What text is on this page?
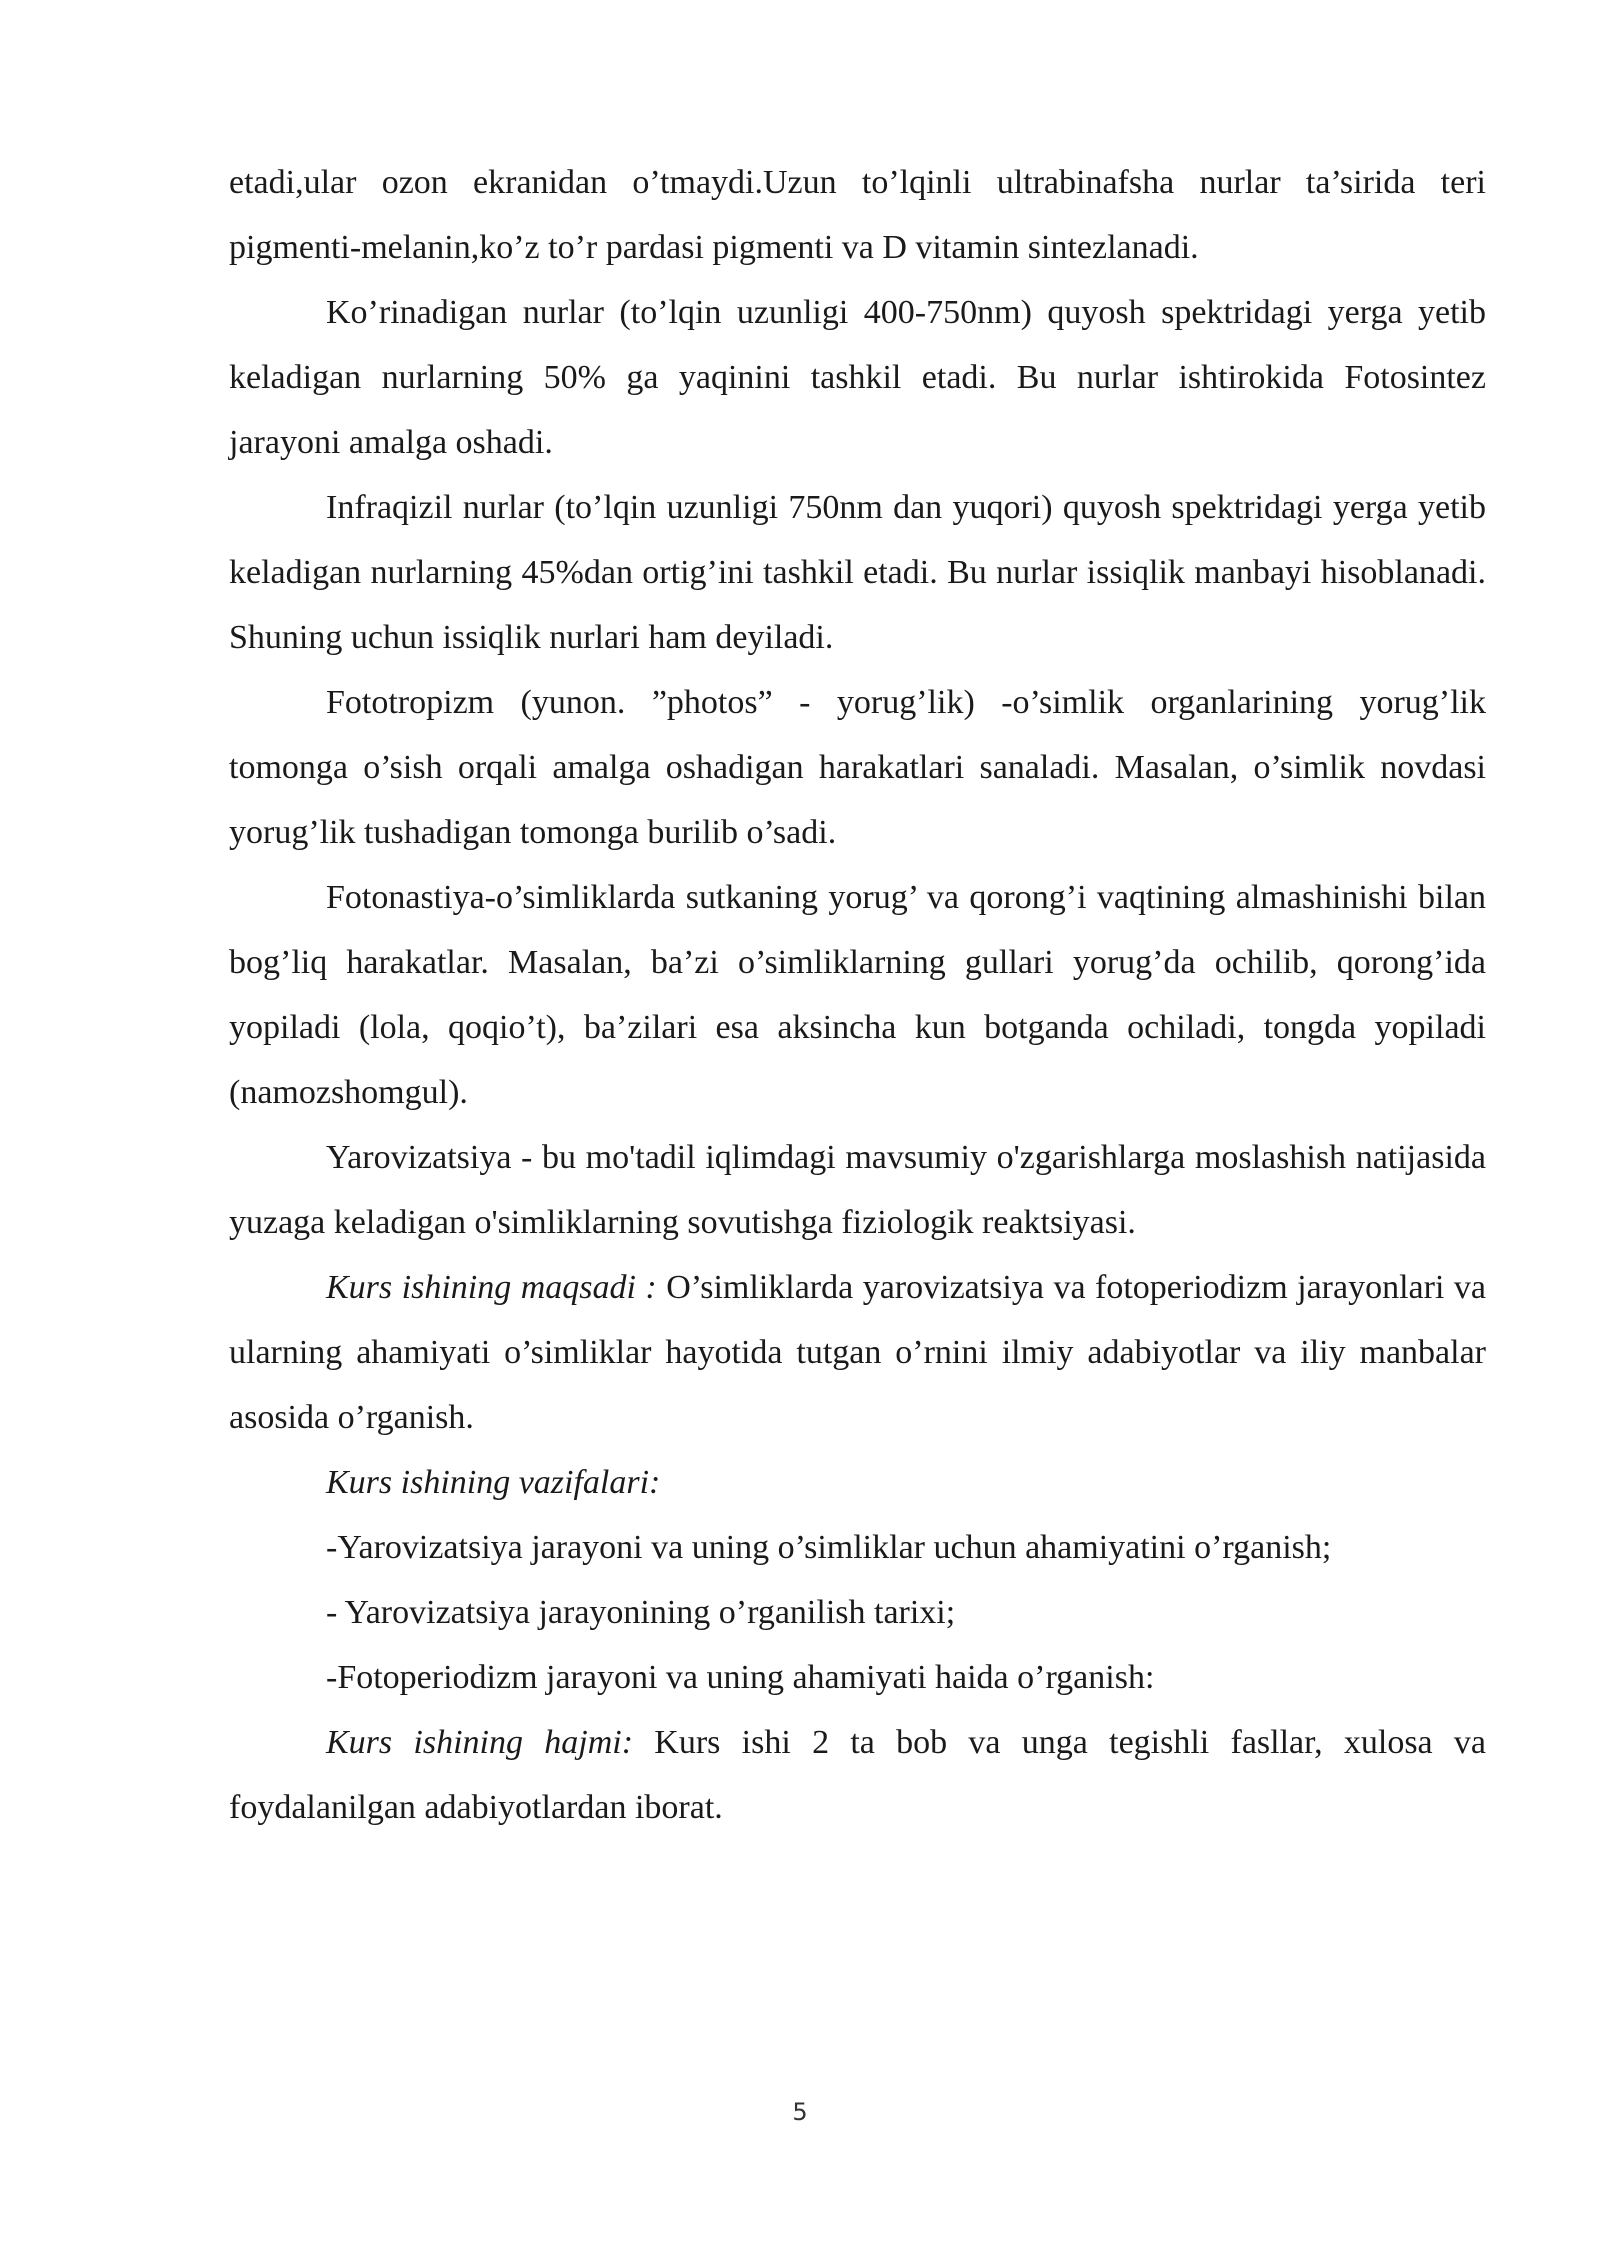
etadi,ular ozon ekranidan o’tmaydi.Uzun to’lqinli ultrabinafsha nurlar ta’sirida teri pigmenti-melanin,ko’z to’r pardasi pigmenti va D vitamin sintezlanadi.

Ko’rinadigan nurlar (to’lqin uzunligi 400-750nm) quyosh spektridagi yerga yetib keladigan nurlarning 50% ga yaqinini tashkil etadi. Bu nurlar ishtirokida Fotosintez jarayoni amalga oshadi.

Infraqizil nurlar (to’lqin uzunligi 750nm dan yuqori) quyosh spektridagi yerga yetib keladigan nurlarning 45%dan ortig’ini tashkil etadi. Bu nurlar issiqlik manbayi hisoblanadi. Shuning uchun issiqlik nurlari ham deyiladi.

Fototropizm (yunon. ”photos” - yorug’lik) -o’simlik organlarining yorug’lik tomonga o’sish orqali amalga oshadigan harakatlari sanaladi. Masalan, o’simlik novdasi yorug’lik tushadigan tomonga burilib o’sadi.

Fotonastiya-o’simliklarda sutkaning yorug’ va qorong’i vaqtining almashinishi bilan bog’liq harakatlar. Masalan, ba’zi o’simliklarning gullari yorug’da ochilib, qorong’ida yopiladi (lola, qoqio’t), ba’zilari esa aksincha kun botganda ochiladi, tongda yopiladi (namozshomgul).

Yarovizatsiya - bu mo'tadil iqlimdagi mavsumiy o'zgarishlarga moslashish natijasida yuzaga keladigan o'simliklarning sovutishga fiziologik reaktsiyasi.

Kurs ishining maqsadi : O’simliklarda yarovizatsiya va fotoperiodizm jarayonlari va ularning ahamiyati o’simliklar hayotida tutgan o’rnini ilmiy adabiyotlar va iliy manbalar asosida o’rganish.

Kurs ishining vazifalari:

-Yarovizatsiya jarayoni va uning o’simliklar uchun ahamiyatini o’rganish;

- Yarovizatsiya jarayonining o’rganilish tarixi;

-Fotoperiodizm jarayoni va uning ahamiyati haida o’rganish:

Kurs ishining hajmi: Kurs ishi 2 ta bob va unga tegishli fasllar, xulosa va foydalanilgan adabiyotlardan iborat.

5
